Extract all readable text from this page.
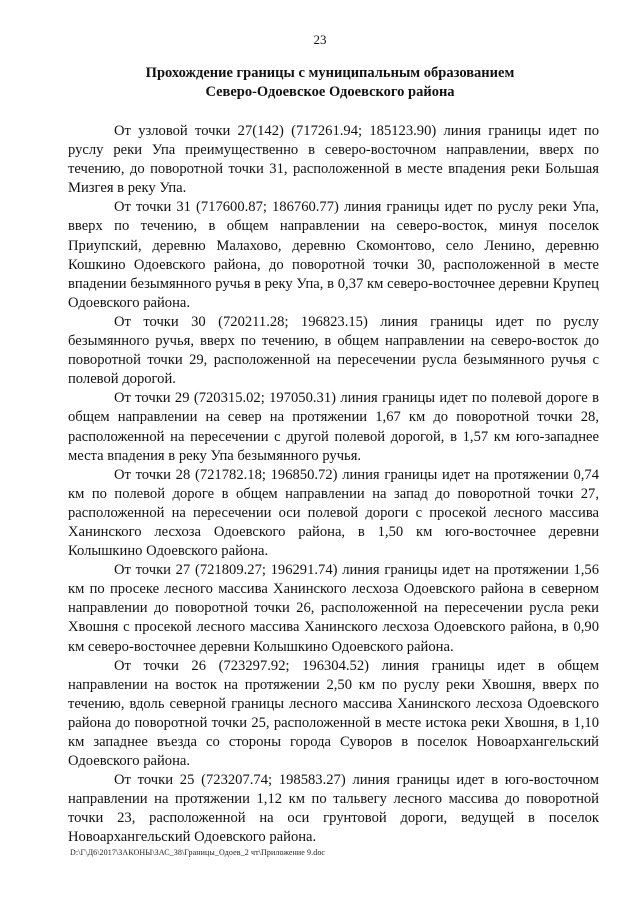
23
Прохождение границы с муниципальным образованием
Северо-Одоевское Одоевского района

От узловой точки 27(142) (717261.94; 185123.90) линия границы идет по руслу реки Упа преимущественно в северо-восточном направлении, вверх по течению, до поворотной точки 31, расположенной в месте впадения реки Большая Мизгея в реку Упа.

От точки 31 (717600.87; 186760.77) линия границы идет по руслу реки Упа, вверх по течению, в общем направлении на северо-восток, минуя поселок Приупский, деревню Малахово, деревню Скомонтово, село Ленино, деревню Кошкино Одоевского района, до поворотной точки 30, расположенной в месте впадении безымянного ручья в реку Упа, в 0,37 км северо-восточнее деревни Крупец Одоевского района.

От точки 30 (720211.28; 196823.15) линия границы идет по руслу безымянного ручья, вверх по течению, в общем направлении на северо-восток до поворотной точки 29, расположенной на пересечении русла безымянного ручья с полевой дорогой.

От точки 29 (720315.02; 197050.31) линия границы идет по полевой дороге в общем направлении на север на протяжении 1,67 км до поворотной точки 28, расположенной на пересечении с другой полевой дорогой, в 1,57 км юго-западнее места впадения в реку Упа безымянного ручья.

От точки 28 (721782.18; 196850.72) линия границы идет на протяжении 0,74 км по полевой дороге в общем направлении на запад до поворотной точки 27, расположенной на пересечении оси полевой дороги с просекой лесного массива Ханинского лесхоза Одоевского района, в 1,50 км юго-восточнее деревни Колышкино Одоевского района.

От точки 27 (721809.27; 196291.74) линия границы идет на протяжении 1,56 км по просеке лесного массива Ханинского лесхоза Одоевского района в северном направлении до поворотной точки 26, расположенной на пересечении русла реки Хвошня с просекой лесного массива Ханинского лесхоза Одоевского района, в 0,90 км северо-восточнее деревни Колышкино Одоевского района.

От точки 26 (723297.92; 196304.52) линия границы идет в общем направлении на восток на протяжении 2,50 км по руслу реки Хвошня, вверх по течению, вдоль северной границы лесного массива Ханинского лесхоза Одоевского района до поворотной точки 25, расположенной в месте истока реки Хвошня, в 1,10 км западнее въезда со стороны города Суворов в поселок Новоархангельский Одоевского района.

От точки 25 (723207.74; 198583.27) линия границы идет в юго-восточном направлении на протяжении 1,12 км по тальвегу лесного массива до поворотной точки 23, расположенной на оси грунтовой дороги, ведущей в поселок Новоархангельский Одоевского района.

D:\Г\Д6\2017\ЗАКОНЫ\ЗАС_38\Границы_Одоев_2 чт\Приложение 9.doc
